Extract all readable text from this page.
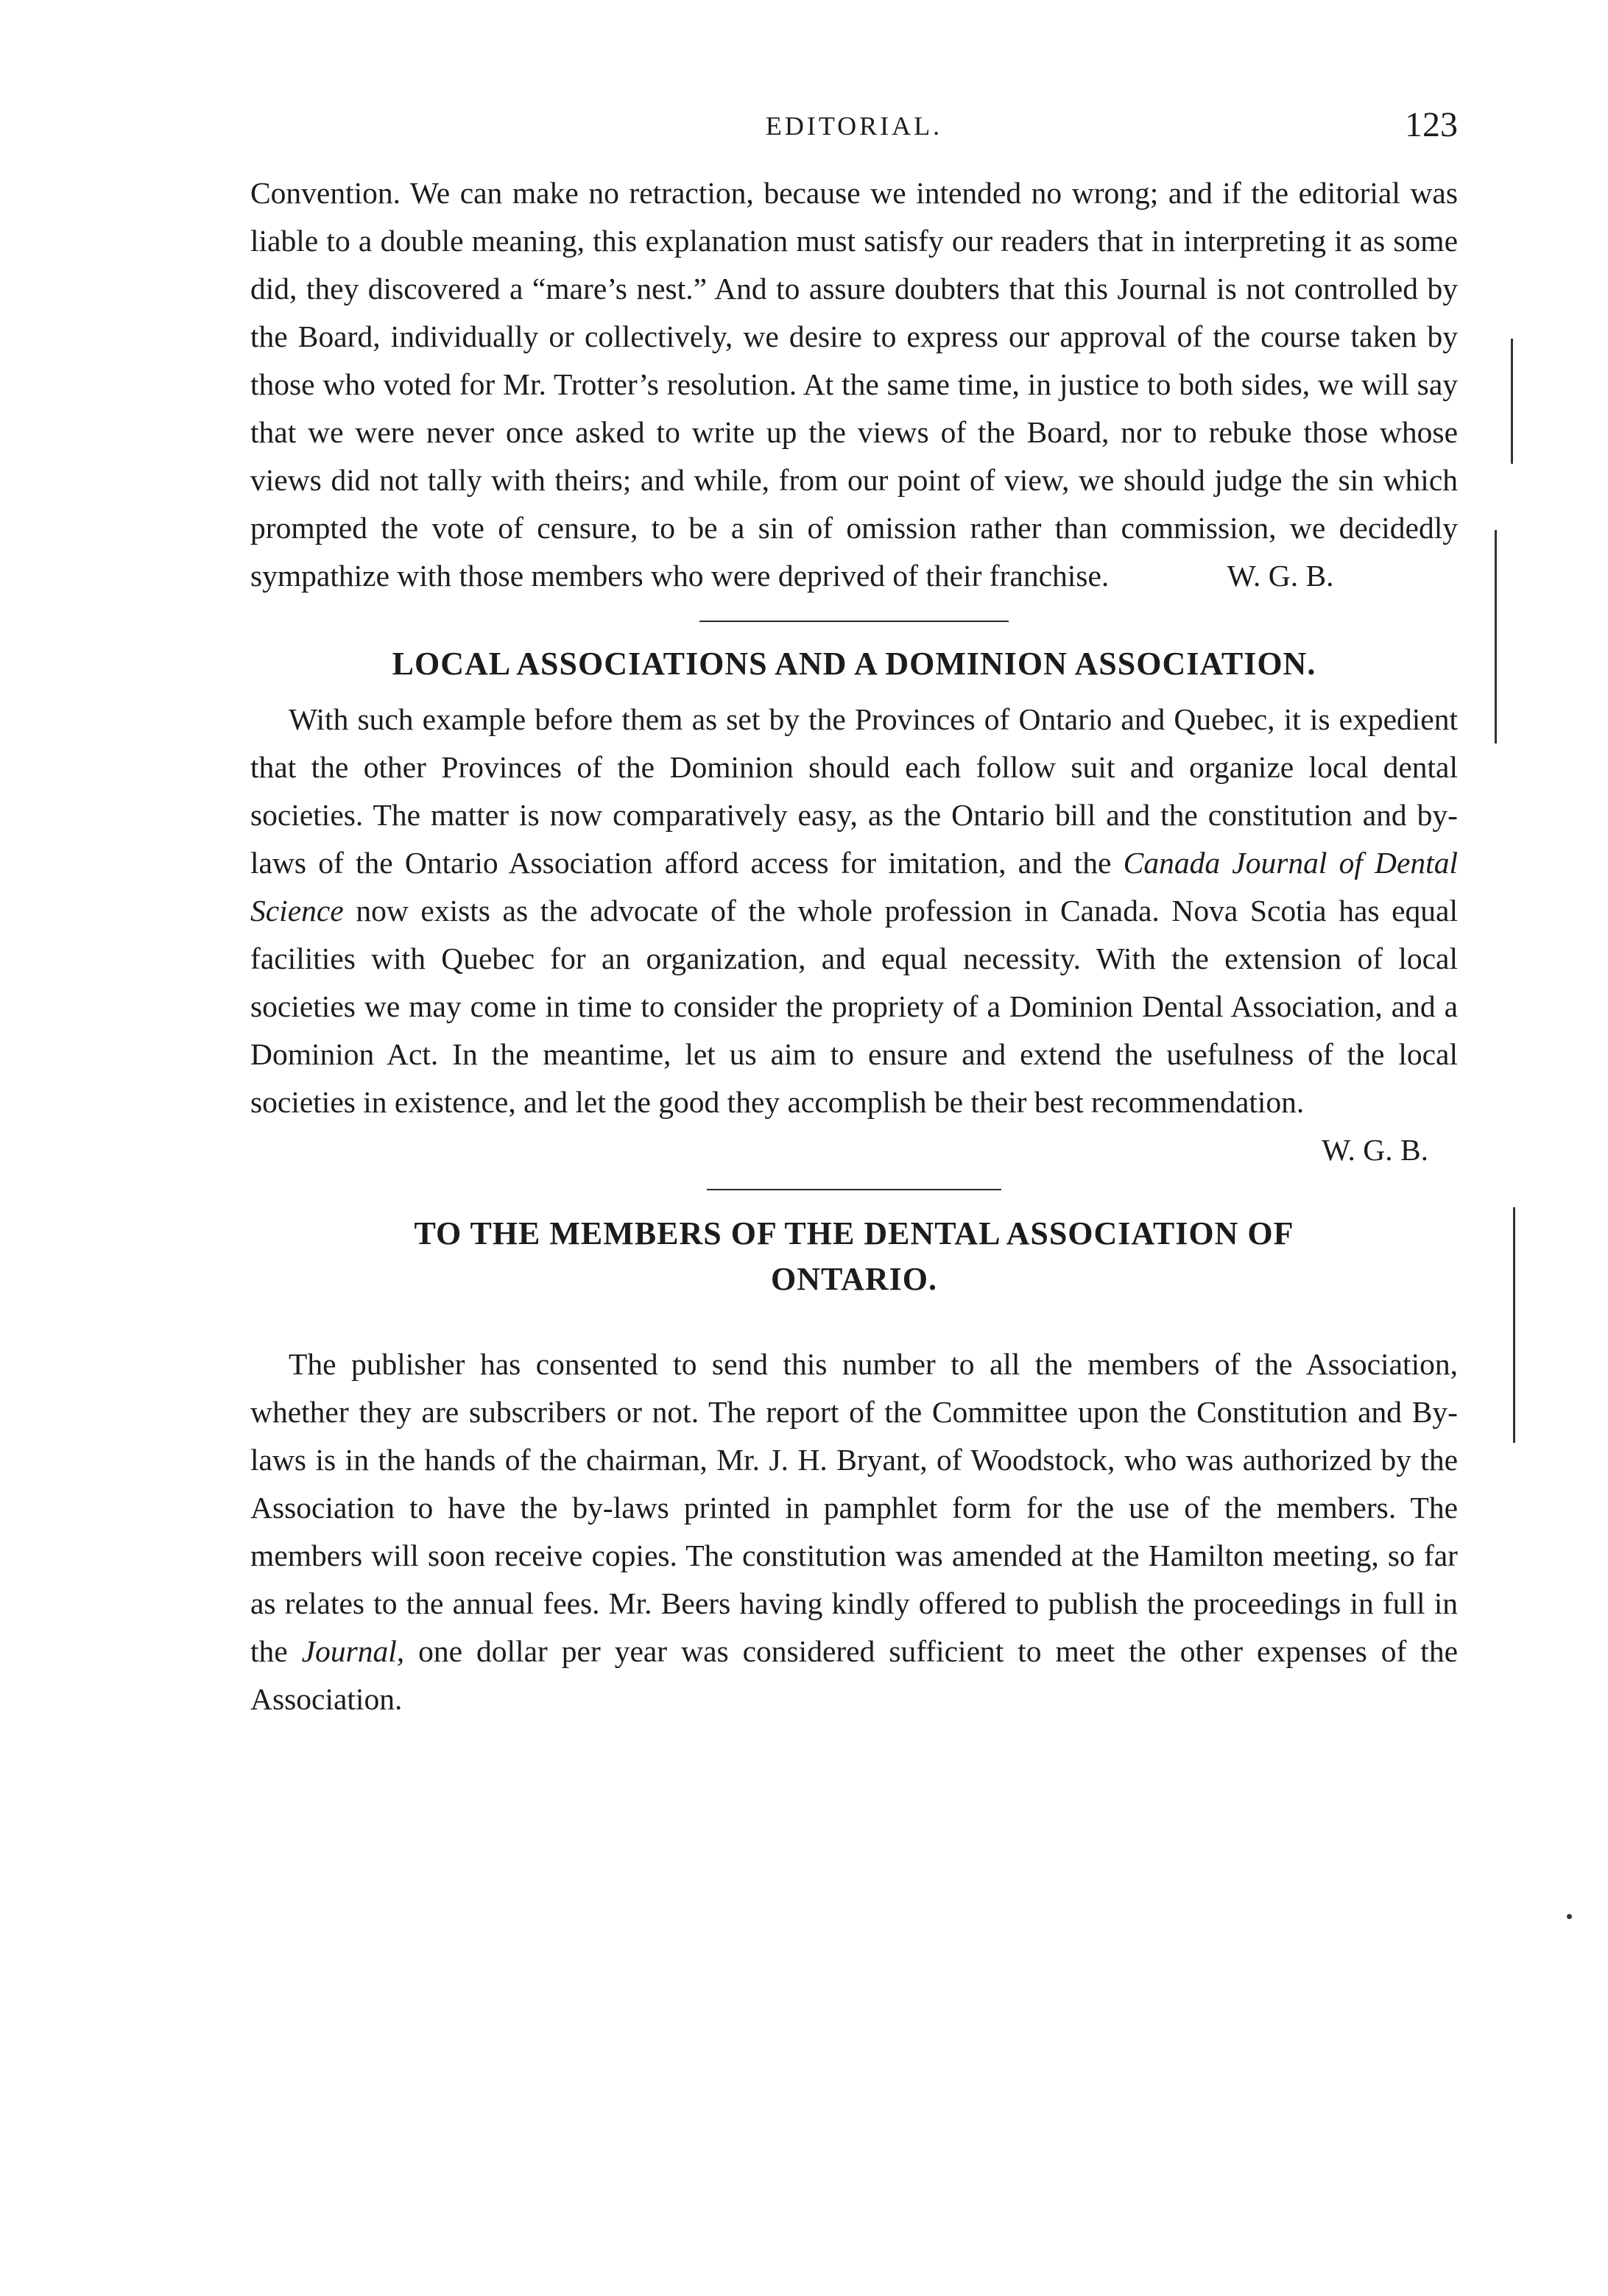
EDITORIAL.	123

Convention. We can make no retraction, because we intended no wrong; and if the editorial was liable to a double meaning, this explanation must satisfy our readers that in interpreting it as some did, they discovered a “mare’s nest.” And to assure doubters that this Journal is not controlled by the Board, individually or collectively, we desire to express our approval of the course taken by those who voted for Mr. Trotter’s resolution. At the same time, in justice to both sides, we will say that we were never once asked to write up the views of the Board, nor to rebuke those whose views did not tally with theirs; and while, from our point of view, we should judge the sin which prompted the vote of censure, to be a sin of omission rather than commission, we decidedly sympathize with those members who were deprived of their franchise.	W. G. B.

LOCAL ASSOCIATIONS AND A DOMINION ASSOCIATION.

With such example before them as set by the Provinces of Ontario and Quebec, it is expedient that the other Provinces of the Dominion should each follow suit and organize local dental societies. The matter is now comparatively easy, as the Ontario bill and the constitution and by-laws of the Ontario Association afford access for imitation, and the Canada Journal of Dental Science now exists as the advocate of the whole profession in Canada. Nova Scotia has equal facilities with Quebec for an organization, and equal necessity. With the extension of local societies we may come in time to consider the propriety of a Dominion Dental Association, and a Dominion Act. In the meantime, let us aim to ensure and extend the usefulness of the local societies in existence, and let the good they accomplish be their best recommendation.

W. G. B.
TO THE MEMBERS OF THE DENTAL ASSOCIATION OF
ONTARIO.

The publisher has consented to send this number to all the members of the Association, whether they are subscribers or not. The report of the Committee upon the Constitution and By-laws is in the hands of the chairman, Mr. J. H. Bryant, of Woodstock, who was authorized by the Association to have the by-laws printed in pamphlet form for the use of the members. The members will soon receive copies. The constitution was amended at the Hamilton meeting, so far as relates to the annual fees. Mr. Beers having kindly offered to publish the proceedings in full in the Journal, one dollar per year was considered sufficient to meet the other expenses of the Association.
